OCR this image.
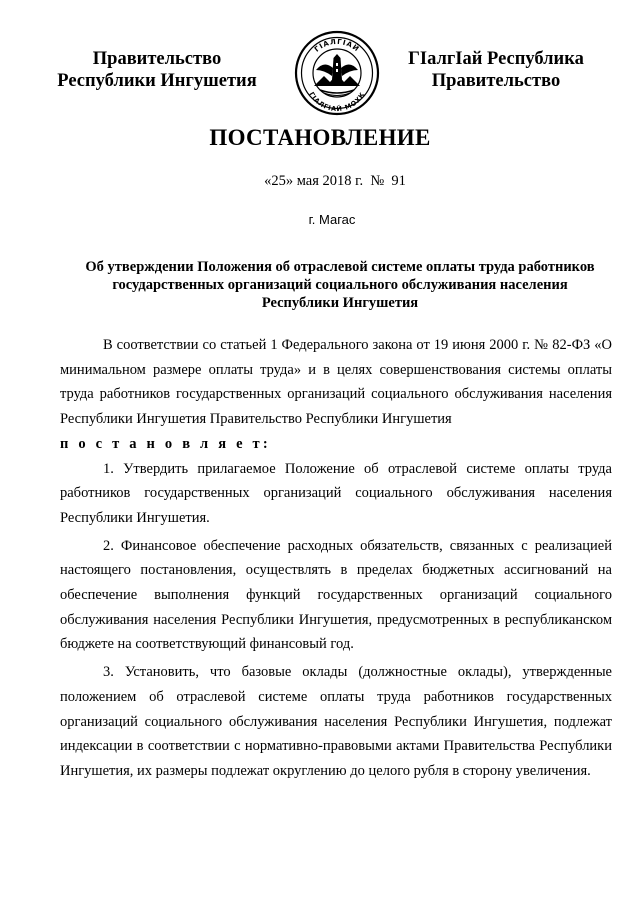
Правительство
Республики Ингушетия
ГIАЛГIАЙ
ГIАЛГIАЙ МОХК
ГIалгIай Республика
Правительство
ПОСТАНОВЛЕНИЕ
«25» мая 2018 г.  №  91
г. Магас
Об утверждении Положения об отраслевой системе оплаты труда работников
государственных организаций социального обслуживания населения
Республики Ингушетия

В соответствии со статьей 1 Федерального закона от 19 июня 2000 г. № 82-ФЗ «О минимальном размере оплаты труда» и в целях совершенствования системы оплаты труда работников государственных организаций социального обслуживания населения Республики Ингушетия Правительство Республики Ингушетия

п о с т а н о в л я е т:

1. Утвердить прилагаемое Положение об отраслевой системе оплаты труда работников государственных организаций социального обслуживания населения Республики Ингушетия.

2. Финансовое обеспечение расходных обязательств, связанных с реализацией настоящего постановления, осуществлять в пределах бюджетных ассигнований на обеспечение выполнения функций государственных организаций социального обслуживания населения Республики Ингушетия, предусмотренных в республиканском бюджете на соответствующий финансовый год.

3. Установить, что базовые оклады (должностные оклады), утвержденные положением об отраслевой системе оплаты труда работников государственных организаций социального обслуживания населения Республики Ингушетия, подлежат индексации в соответствии с нормативно-правовыми актами Правительства Республики Ингушетия, их размеры подлежат округлению до целого рубля в сторону увеличения.
